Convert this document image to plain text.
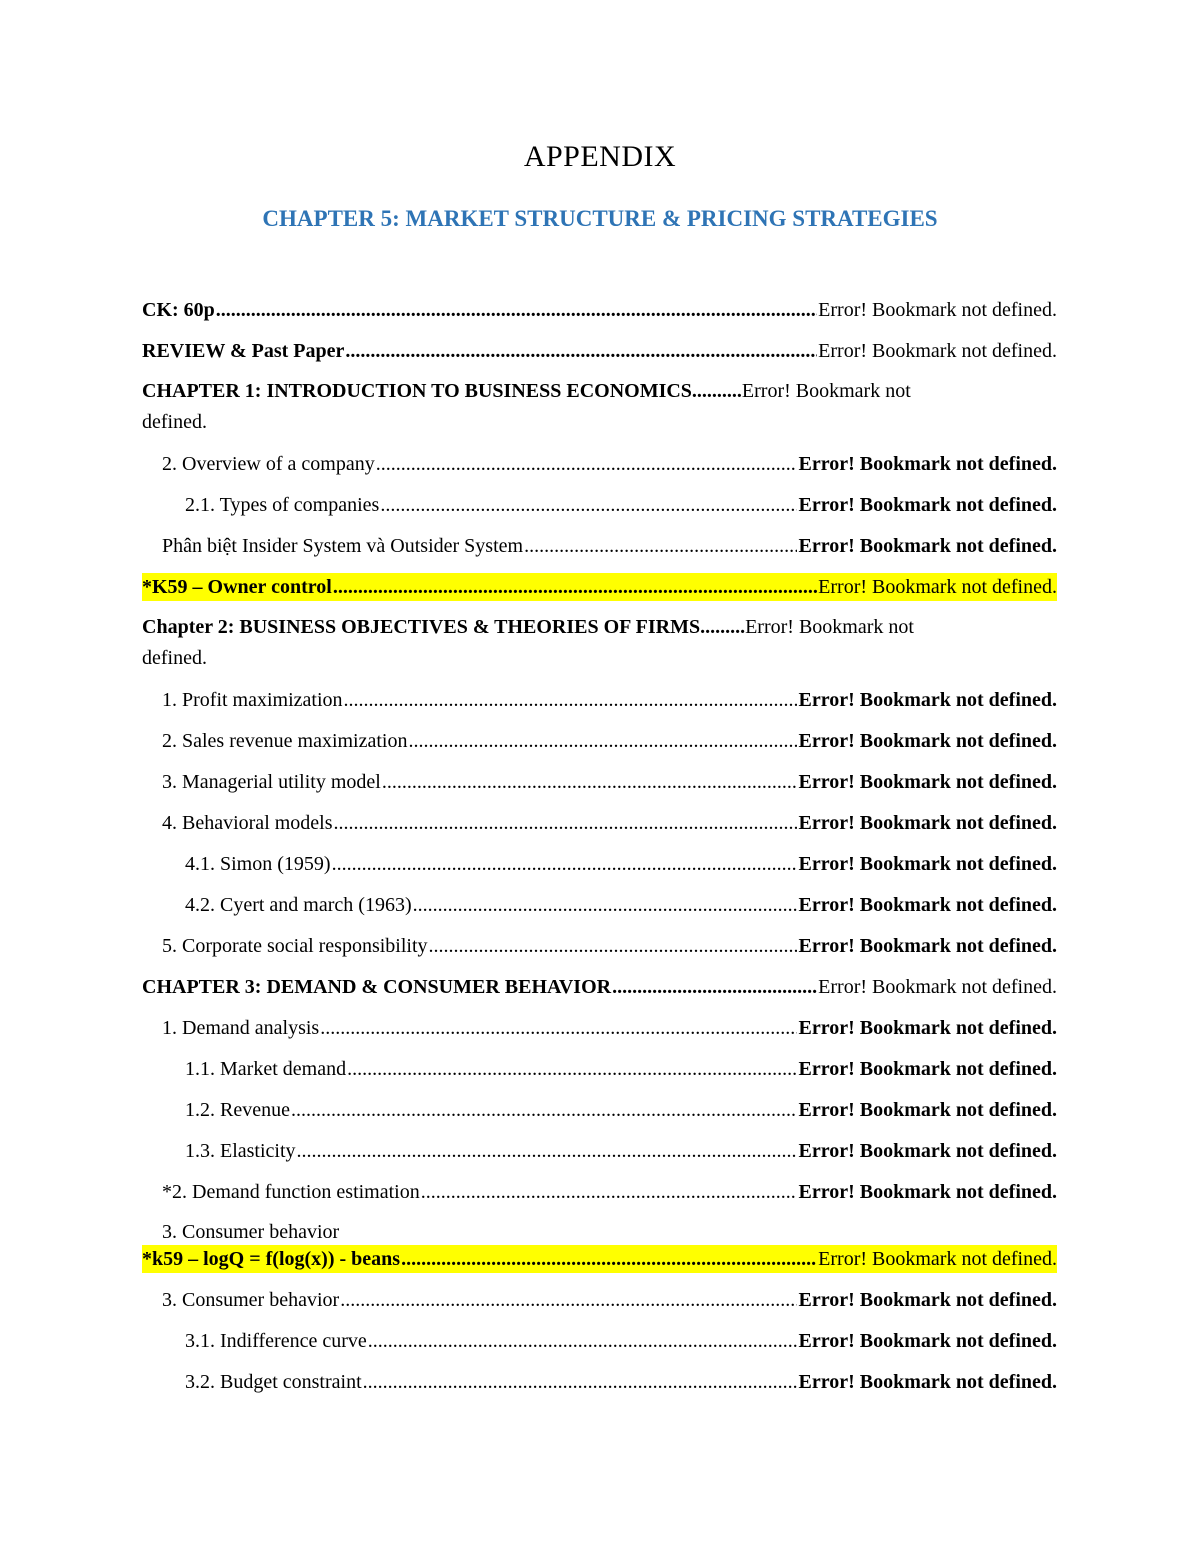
APPENDIX
CHAPTER 5: MARKET STRUCTURE & PRICING STRATEGIES
CK: 60p .....	Error! Bookmark not defined.
REVIEW & Past Paper .....	Error! Bookmark not defined.
CHAPTER 1: INTRODUCTION TO BUSINESS ECONOMICS..........Error! Bookmark not
defined.
2. Overview of a company .....	Error! Bookmark not defined.
2.1. Types of companies .....	Error! Bookmark not defined.
Phân biệt Insider System và Outsider System .....	Error! Bookmark not defined.
*K59 – Owner control .....	Error! Bookmark not defined.
Chapter 2: BUSINESS OBJECTIVES & THEORIES OF FIRMS.........Error! Bookmark not
defined.
1. Profit maximization .....	Error! Bookmark not defined.
2. Sales revenue maximization .....	Error! Bookmark not defined.
3. Managerial utility model .....	Error! Bookmark not defined.
4. Behavioral models .....	Error! Bookmark not defined.
4.1. Simon (1959) .....	Error! Bookmark not defined.
4.2. Cyert and march (1963) .....	Error! Bookmark not defined.
5. Corporate social responsibility .....	Error! Bookmark not defined.
CHAPTER 3: DEMAND & CONSUMER BEHAVIOR .....	Error! Bookmark not defined.
1. Demand analysis .....	Error! Bookmark not defined.
1.1. Market demand .....	Error! Bookmark not defined.
1.2. Revenue .....	Error! Bookmark not defined.
1.3. Elasticity .....	Error! Bookmark not defined.
*2. Demand function estimation .....	Error! Bookmark not defined.
3. Consumer behavior
*k59 – logQ = f(log(x)) - beans .....	Error! Bookmark not defined.
3. Consumer behavior .....	Error! Bookmark not defined.
3.1. Indifference curve .....	Error! Bookmark not defined.
3.2. Budget constraint .....	Error! Bookmark not defined.
